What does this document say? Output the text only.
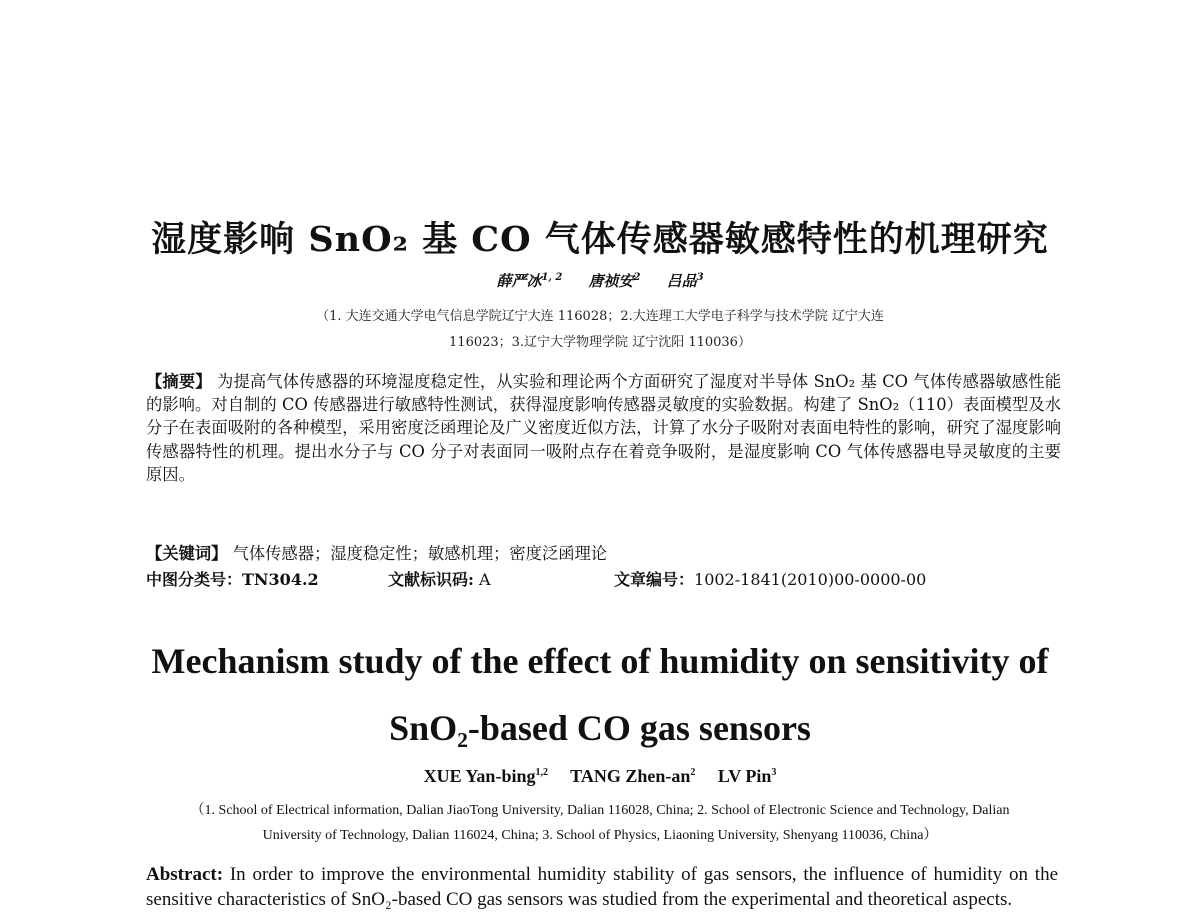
湿度影响 SnO₂ 基 CO 气体传感器敏感特性的机理研究
薛严冰$^{1, 2}$ 唐祯安$^2$ 吕品$^3$
（1. 大连交通大学电气信息学院辽宁大连 116028；2.大连理工大学电子科学与技术学院 辽宁大连
116023；3.辽宁大学物理学院 辽宁沈阳 110036）
【摘要】 为提高气体传感器的环境湿度稳定性，从实验和理论两个方面研究了湿度对半导体 SnO₂ 基 CO 气体传感器敏感性能的影响。对自制的 CO 传感器进行敏感特性测试，获得湿度影响传感器灵敏度的实验数据。构建了 SnO₂（110）表面模型及水分子在表面吸附的各种模型，采用密度泛函理论及广义密度近似方法，计算了水分子吸附对表面电特性的影响，研究了湿度影响传感器特性的机理。提出水分子与 CO 分子对表面同一吸附点存在着竞争吸附，是湿度影响 CO 气体传感器电导灵敏度的主要原因。
【关键词】 气体传感器；湿度稳定性；敏感机理；密度泛函理论
中图分类号：TN304.2	文献标识码: A	文章编号：1002-1841(2010)00-0000-00
Mechanism study of the effect of humidity on sensitivity of
SnO₂-based CO gas sensors
XUE Yan-bing$^{1,2}$ TANG Zhen-$an^2$ LV Pin$^3$
（1. School of Electrical information, Dalian JiaoTong University, Dalian 116028, China; 2. School of Electronic Science and Technology, Dalian
University of Technology, Dalian 116024, China; 3. School of Physics, Liaoning University, Shenyang 110036, China）
Abstract: In order to improve the environmental humidity stability of gas sensors, the influence of humidity on the sensitive characteristics of SnO₂-based CO gas sensors was studied from the experimental and theoretical aspects.
